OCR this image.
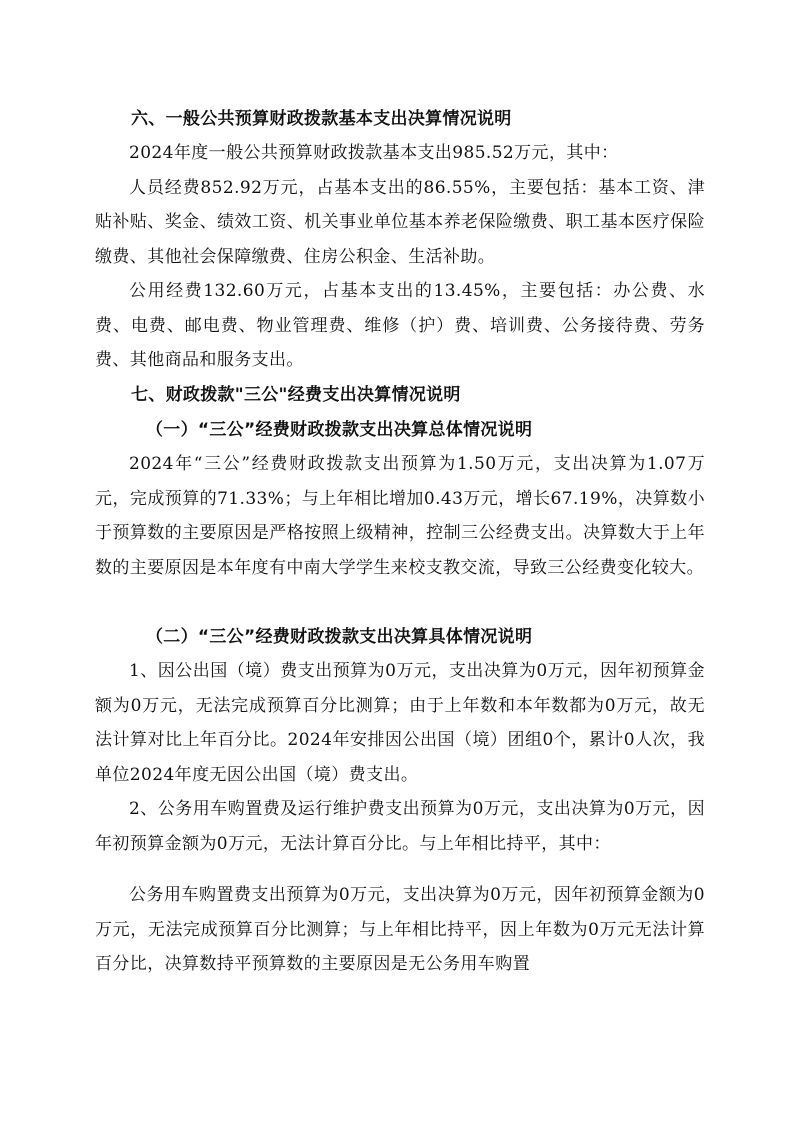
六、一般公共预算财政拨款基本支出决算情况说明
2024年度一般公共预算财政拨款基本支出985.52万元，其中：
人员经费852.92万元，占基本支出的86.55%，主要包括：基本工资、津贴补贴、奖金、绩效工资、机关事业单位基本养老保险缴费、职工基本医疗保险缴费、其他社会保障缴费、住房公积金、生活补助。
公用经费132.60万元，占基本支出的13.45%，主要包括：办公费、水费、电费、邮电费、物业管理费、维修（护）费、培训费、公务接待费、劳务费、其他商品和服务支出。
七、财政拨款"三公"经费支出决算情况说明
（一）“三公”经费财政拨款支出决算总体情况说明
2024年“三公”经费财政拨款支出预算为1.50万元，支出决算为1.07万元，完成预算的71.33%；与上年相比增加0.43万元，增长67.19%，决算数小于预算数的主要原因是严格按照上级精神，控制三公经费支出。决算数大于上年数的主要原因是本年度有中南大学学生来校支教交流，导致三公经费变化较大。
（二）“三公”经费财政拨款支出决算具体情况说明
1、因公出国（境）费支出预算为0万元，支出决算为0万元，因年初预算金额为0万元，无法完成预算百分比测算；由于上年数和本年数都为0万元，故无法计算对比上年百分比。2024年安排因公出国（境）团组0个，累计0人次，我单位2024年度无因公出国（境）费支出。
2、公务用车购置费及运行维护费支出预算为0万元，支出决算为0万元，因年初预算金额为0万元，无法计算百分比。与上年相比持平，其中：
公务用车购置费支出预算为0万元，支出决算为0万元，因年初预算金额为0万元，无法完成预算百分比测算；与上年相比持平，因上年数为0万元无法计算百分比，决算数持平预算数的主要原因是无公务用车购置
